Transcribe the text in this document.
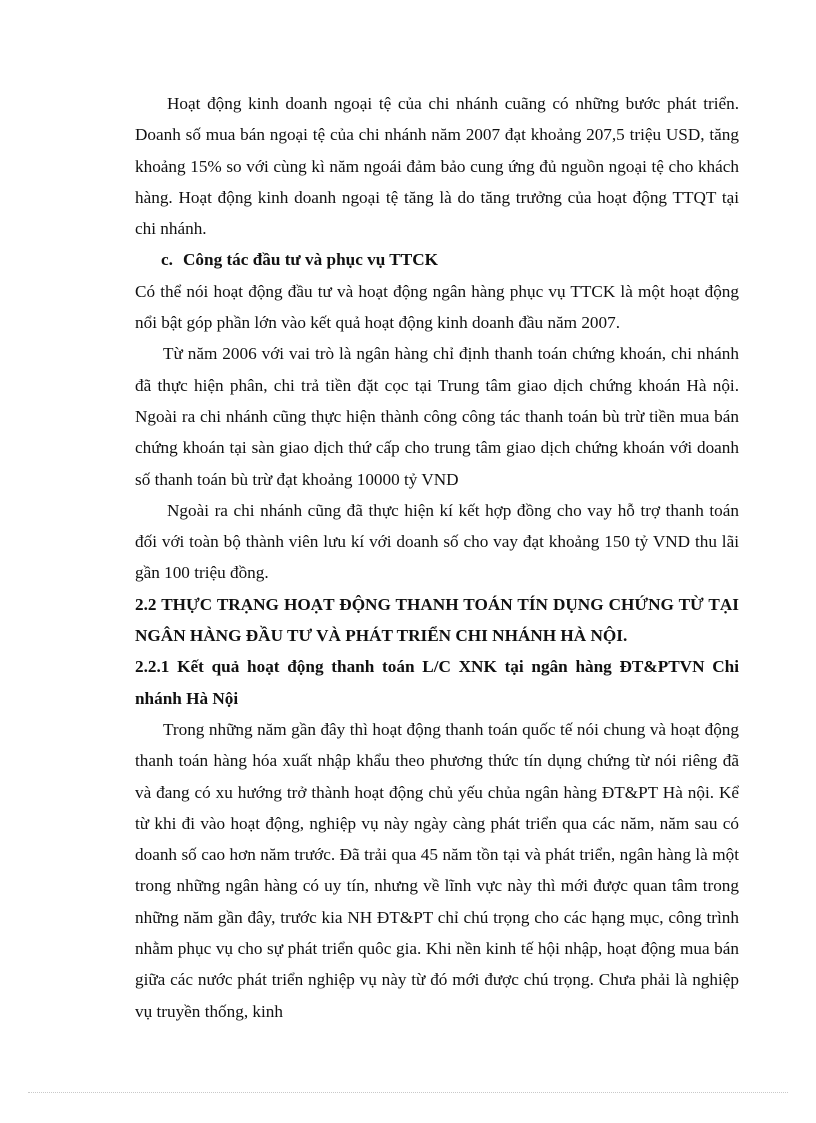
Hoạt động kinh doanh ngoại tệ của chi nhánh cuãng có những bước phát triển. Doanh số mua bán ngoại tệ của chi nhánh năm 2007 đạt khoảng 207,5 triệu USD, tăng khoảng 15% so với cùng kì năm ngoái đảm bảo cung ứng đủ nguồn ngoại tệ cho khách hàng. Hoạt động kinh doanh ngoại tệ tăng là do tăng trưởng của hoạt động TTQT tại chi nhánh.

c. Công tác đầu tư và phục vụ TTCK

Có thể nói hoạt động đầu tư và hoạt động ngân hàng phục vụ TTCK là một hoạt động nổi bật góp phần lớn vào kết quả hoạt động kinh doanh đầu năm 2007.

Từ năm 2006 với vai trò là ngân hàng chỉ định thanh toán chứng khoán, chi nhánh đã thực hiện phân, chi trả tiền đặt cọc tại Trung tâm giao dịch chứng khoán Hà nội. Ngoài ra chi nhánh cũng thực hiện thành công công tác thanh toán bù trừ tiền mua bán chứng khoán tại sàn giao dịch thứ cấp cho trung tâm giao dịch chứng khoán với doanh số thanh toán bù trừ đạt khoảng 10000 tỷ VND

Ngoài ra chi nhánh cũng đã thực hiện kí kết hợp đồng cho vay hỗ trợ thanh toán đối với toàn bộ thành viên lưu kí với doanh số cho vay đạt khoảng 150 tỷ VND thu lãi gần 100 triệu đồng.

2.2 THỰC TRẠNG HOẠT ĐỘNG THANH TOÁN TÍN DỤNG CHỨNG TỪ TẠI NGÂN HÀNG ĐẦU TƯ VÀ PHÁT TRIỂN CHI NHÁNH HÀ NỘI.

2.2.1 Kết quả hoạt động thanh toán L/C XNK tại ngân hàng ĐT&PTVN Chi nhánh Hà Nội

Trong những năm gần đây thì hoạt động thanh toán quốc tế nói chung và hoạt động thanh toán hàng hóa xuất nhập khẩu theo phương thức tín dụng chứng từ nói riêng đã và đang có xu hướng trở thành hoạt động chủ yếu chủa ngân hàng ĐT&PT Hà nội. Kể từ khi đi vào hoạt động, nghiệp vụ này ngày càng phát triển qua các năm, năm sau có doanh số cao hơn năm trước. Đã trải qua 45 năm tồn tại và phát triển, ngân hàng là một trong những ngân hàng có uy tín, nhưng về lĩnh vực này thì mới được quan tâm trong những năm gần đây, trước kia NH ĐT&PT chỉ chú trọng cho các hạng mục, công trình nhằm phục vụ cho sự phát triển quôc gia. Khi nền kinh tế hội nhập, hoạt động mua bán giữa các nước phát triển nghiệp vụ này từ đó mới được chú trọng. Chưa phải là nghiệp vụ truyền thống, kinh
